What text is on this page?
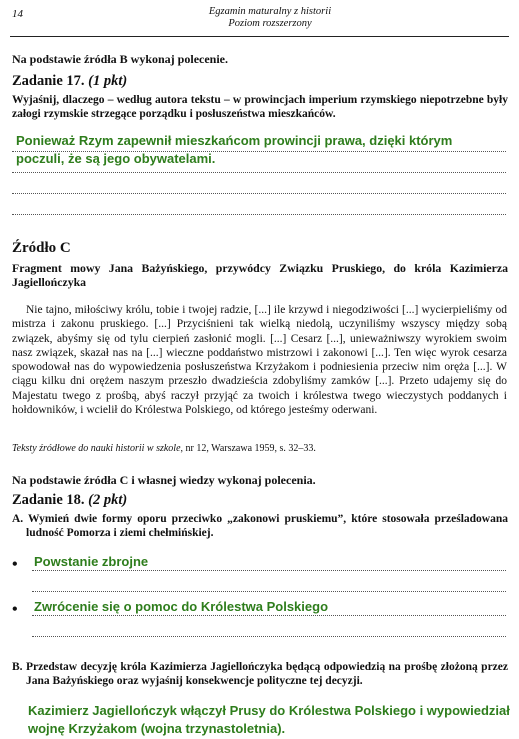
14	Egzamin maturalny z historii
Poziom rozszerzony
Na podstawie źródła B wykonaj polecenie.
Zadanie 17. (1 pkt)
Wyjaśnij, dlaczego – według autora tekstu – w prowincjach imperium rzymskiego niepotrzebne były załogi rzymskie strzegące porządku i posłuszeństwa mieszkańców.
Ponieważ Rzym zapewnił mieszkańcom prowincji prawa, dzięki którym
poczuli, że są jego obywatelami.
Źródło C
Fragment mowy Jana Bażyńskiego, przywódcy Związku Pruskiego, do króla Kazimierza Jagiellończyka
Nie tajno, miłościwy królu, tobie i twojej radzie, [...] ile krzywd i niegodziwości [...] wycierpieliśmy od mistrza i zakonu pruskiego. [...] Przyciśnieni tak wielką niedolą, uczyniliśmy wszyscy między sobą związek, abyśmy się od tylu cierpień zasłonić mogli. [...] Cesarz [...], unieważniwszy wyrokiem swoim nasz związek, skazał nas na [...] wieczne poddaństwo mistrzowi i zakonowi [...]. Ten więc wyrok cesarza spowodował nas do wypowiedzenia posłuszeństwa Krzyżakom i podniesienia przeciw nim oręża [...]. W ciągu kilku dni orężem naszym przeszło dwadzieścia zdobyliśmy zamków [...]. Przeto udajemy się do Majestatu twego z prośbą, abyś raczył przyjąć za twoich i królestwa twego wieczystych poddanych i hołdowników, i wcielił do Królestwa Polskiego, od którego jesteśmy oderwani.
Teksty źródłowe do nauki historii w szkole, nr 12, Warszawa 1959, s. 32–33.
Na podstawie źródła C i własnej wiedzy wykonaj polecenia.
Zadanie 18. (2 pkt)
A. Wymień dwie formy oporu przeciwko „zakonowi pruskiemu”, które stosowała prześladowana ludność Pomorza i ziemi chełmińskiej.
• Powstanie zbrojne
• Zwrócenie się o pomoc do Królestwa Polskiego
B. Przedstaw decyzję króla Kazimierza Jagiellończyka będącą odpowiedzią na prośbę złożoną przez Jana Bażyńskiego oraz wyjaśnij konsekwencje polityczne tej decyzji.
Kazimierz Jagiellończyk włączył Prusy do Królestwa Polskiego i wypowiedział
wojnę Krzyżakom (wojna trzynastoletnia).
